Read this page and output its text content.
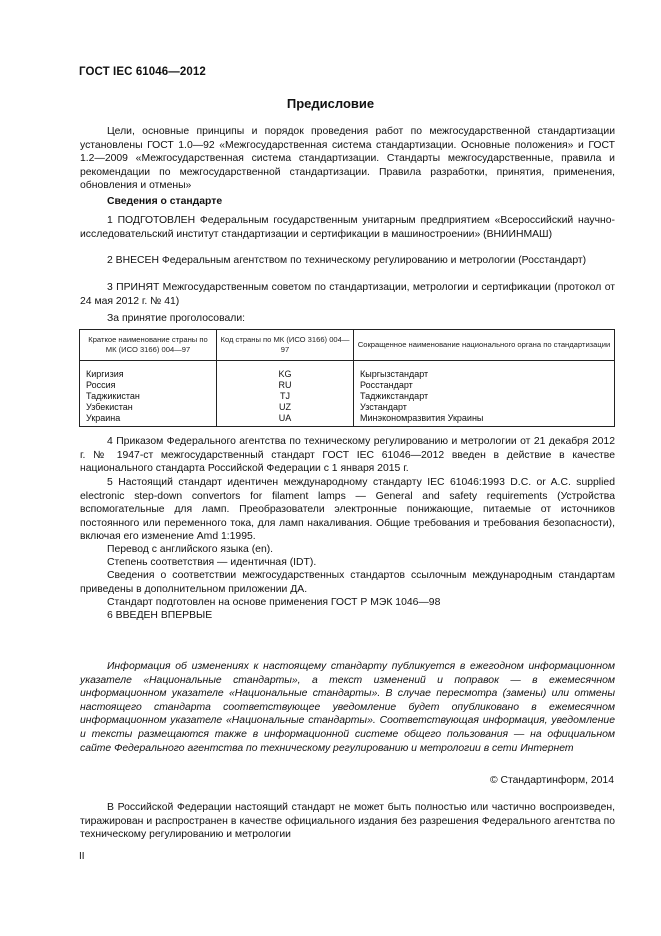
ГОСТ IEC 61046—2012
Предисловие
Цели, основные принципы и порядок проведения работ по межгосударственной стандартизации установлены ГОСТ 1.0—92 «Межгосударственная система стандартизации. Основные положения» и ГОСТ 1.2—2009 «Межгосударственная система стандартизации. Стандарты межгосударственные, правила и рекомендации по межгосударственной стандартизации. Правила разработки, принятия, применения, обновления и отмены»
Сведения о стандарте
1 ПОДГОТОВЛЕН Федеральным государственным унитарным предприятием «Всероссийский научно-исследовательский институт стандартизации и сертификации в машиностроении» (ВНИИНМАШ)
2 ВНЕСЕН Федеральным агентством по техническому регулированию и метрологии (Росстандарт)
3 ПРИНЯТ Межгосударственным советом по стандартизации, метрологии и сертификации (протокол от 24 мая 2012 г. № 41)
За принятие проголосовали:
Краткое наименование страны по МК (ИСО 3166) 004—97	Код страны по МК (ИСО 3166) 004—97	Сокращенное наименование национального органа по стандартизации
Киргизия	KG	Кыргызстандарт
Россия	RU	Росстандарт
Таджикистан	TJ	Таджикстандарт
Узбекистан	UZ	Узстандарт
Украина	UA	Минэкономразвития Украины
4 Приказом Федерального агентства по техническому регулированию и метрологии от 21 декабря 2012 г. № 1947-ст межгосударственный стандарт ГОСТ IEC 61046—2012 введен в действие в качестве национального стандарта Российской Федерации с 1 января 2015 г.
5 Настоящий стандарт идентичен международному стандарту IEC 61046:1993 D.C. or A.C. supplied electronic step-down convertors for filament lamps — General and safety requirements (Устройства вспомогательные для ламп. Преобразователи электронные понижающие, питаемые от источников постоянного или переменного тока, для ламп накаливания. Общие требования и требования безопасности), включая его изменение Amd 1:1995.
Перевод с английского языка (en).
Степень соответствия — идентичная (IDT).
Сведения о соответствии межгосударственных стандартов ссылочным международным стандартам приведены в дополнительном приложении ДА.
Стандарт подготовлен на основе применения ГОСТ Р МЭК 1046—98
6 ВВЕДЕН ВПЕРВЫЕ
Информация об изменениях к настоящему стандарту публикуется в ежегодном информационном указателе «Национальные стандарты», а текст изменений и поправок — в ежемесячном информационном указателе «Национальные стандарты». В случае пересмотра (замены) или отмены настоящего стандарта соответствующее уведомление будет опубликовано в ежемесячном информационном указателе «Национальные стандарты». Соответствующая информация, уведомление и тексты размещаются также в информационной системе общего пользования — на официальном сайте Федерального агентства по техническому регулированию и метрологии в сети Интернет
© Стандартинформ, 2014
В Российской Федерации настоящий стандарт не может быть полностью или частично воспроизведен, тиражирован и распространен в качестве официального издания без разрешения Федерального агентства по техническому регулированию и метрологии
II
